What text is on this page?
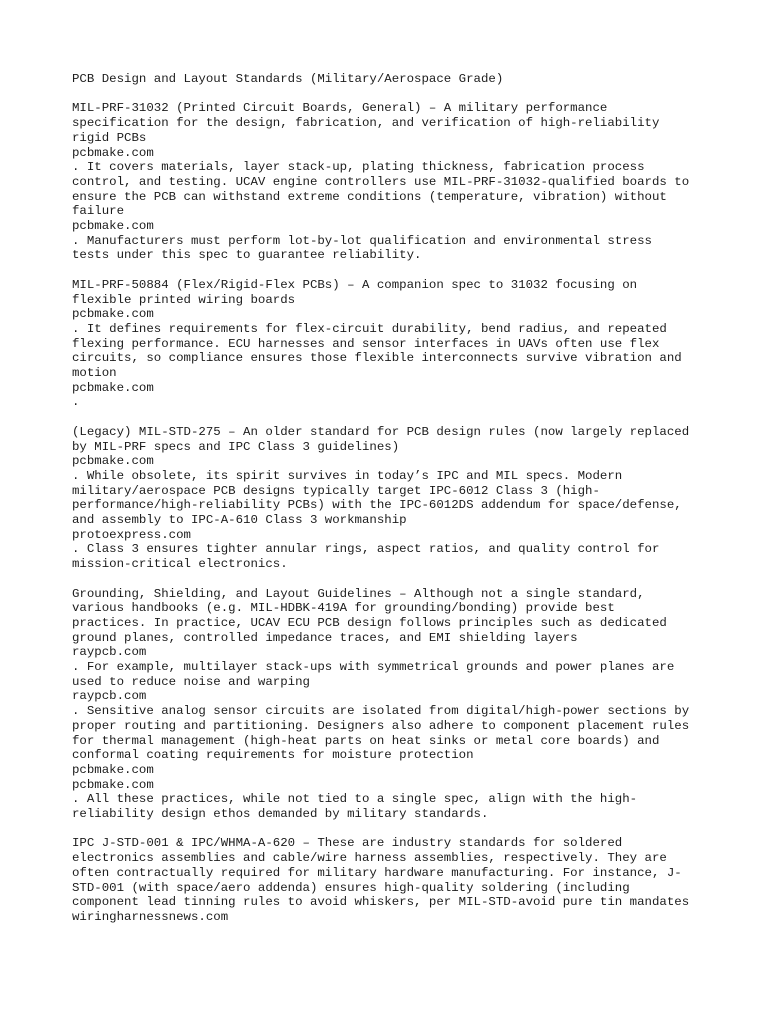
PCB Design and Layout Standards (Military/Aerospace Grade)
MIL-PRF-31032 (Printed Circuit Boards, General) – A military performance
specification for the design, fabrication, and verification of high-reliability
rigid PCBs
pcbmake.com
. It covers materials, layer stack-up, plating thickness, fabrication process
control, and testing. UCAV engine controllers use MIL-PRF-31032-qualified boards to
ensure the PCB can withstand extreme conditions (temperature, vibration) without
failure
pcbmake.com
. Manufacturers must perform lot-by-lot qualification and environmental stress
tests under this spec to guarantee reliability.
MIL-PRF-50884 (Flex/Rigid-Flex PCBs) – A companion spec to 31032 focusing on
flexible printed wiring boards
pcbmake.com
. It defines requirements for flex-circuit durability, bend radius, and repeated
flexing performance. ECU harnesses and sensor interfaces in UAVs often use flex
circuits, so compliance ensures those flexible interconnects survive vibration and
motion
pcbmake.com
.
(Legacy) MIL-STD-275 – An older standard for PCB design rules (now largely replaced
by MIL-PRF specs and IPC Class 3 guidelines)
pcbmake.com
. While obsolete, its spirit survives in today’s IPC and MIL specs. Modern
military/aerospace PCB designs typically target IPC-6012 Class 3 (high-
performance/high-reliability PCBs) with the IPC-6012DS addendum for space/defense,
and assembly to IPC-A-610 Class 3 workmanship
protoexpress.com
. Class 3 ensures tighter annular rings, aspect ratios, and quality control for
mission-critical electronics.
Grounding, Shielding, and Layout Guidelines – Although not a single standard,
various handbooks (e.g. MIL-HDBK-419A for grounding/bonding) provide best
practices. In practice, UCAV ECU PCB design follows principles such as dedicated
ground planes, controlled impedance traces, and EMI shielding layers
raypcb.com
. For example, multilayer stack-ups with symmetrical grounds and power planes are
used to reduce noise and warping
raypcb.com
. Sensitive analog sensor circuits are isolated from digital/high-power sections by
proper routing and partitioning. Designers also adhere to component placement rules
for thermal management (high-heat parts on heat sinks or metal core boards) and
conformal coating requirements for moisture protection
pcbmake.com
pcbmake.com
. All these practices, while not tied to a single spec, align with the high-
reliability design ethos demanded by military standards.
IPC J-STD-001 & IPC/WHMA-A-620 – These are industry standards for soldered
electronics assemblies and cable/wire harness assemblies, respectively. They are
often contractually required for military hardware manufacturing. For instance, J-
STD-001 (with space/aero addenda) ensures high-quality soldering (including
component lead tinning rules to avoid whiskers, per MIL-STD-avoid pure tin mandates
wiringharnessnews.com
